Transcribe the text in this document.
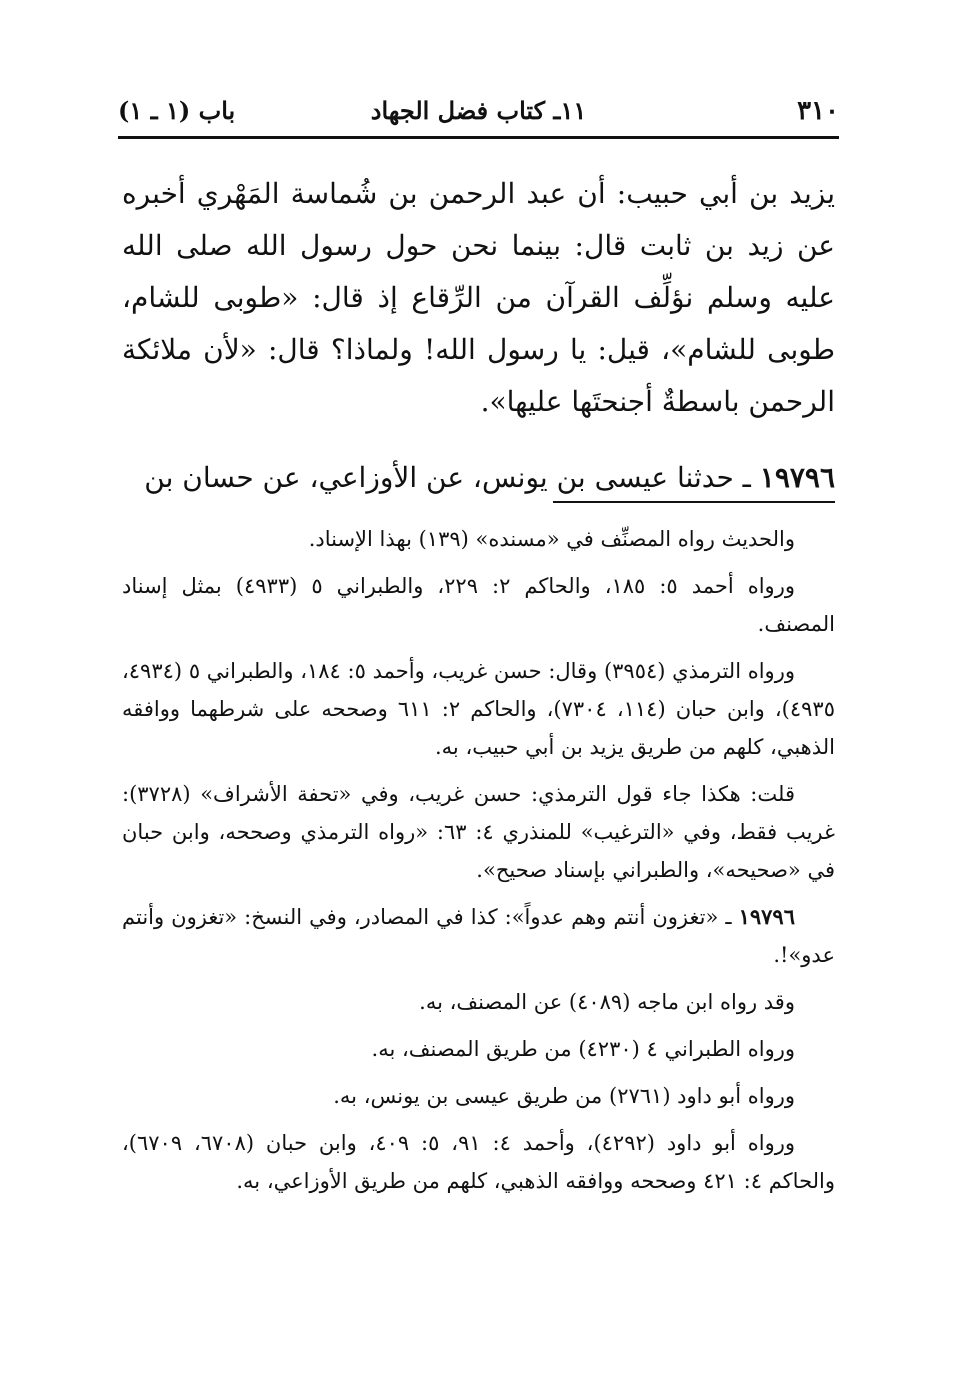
٣١٠
١١ـ كتاب فضل الجهاد
باب (١ ـ ١)

يزيد بن أبي حبيب: أن عبد الرحمن بن شُماسة المَهْري أخبره عن زيد بن ثابت قال: بينما نحن حول رسول الله صلى الله عليه وسلم نؤلِّف القرآن من الرِّقاع إذ قال: «طوبى للشام، طوبى للشام»، قيل: يا رسول الله! ولماذا؟ قال: «لأن ملائكة الرحمن باسطةٌ أجنحتَها عليها».

١٩٧٩٦ ـ حدثنا عيسى بن يونس، عن الأوزاعي، عن حسان بن

والحديث رواه المصنِّف في «مسنده» (١٣٩) بهذا الإسناد.

ورواه أحمد ٥: ١٨٥، والحاكم ٢: ٢٢٩، والطبراني ٥ (٤٩٣٣) بمثل إسناد المصنف.

ورواه الترمذي (٣٩٥٤) وقال: حسن غريب، وأحمد ٥: ١٨٤، والطبراني ٥ (٤٩٣٤، ٤٩٣٥)، وابن حبان (١١٤، ٧٣٠٤)، والحاكم ٢: ٦١١ وصححه على شرطهما ووافقه الذهبي، كلهم من طريق يزيد بن أبي حبيب، به.

قلت: هكذا جاء قول الترمذي: حسن غريب، وفي «تحفة الأشراف» (٣٧٢٨): غريب فقط، وفي «الترغيب» للمنذري ٤: ٦٣: «رواه الترمذي وصححه، وابن حبان في «صحيحه»، والطبراني بإسناد صحيح».

١٩٧٩٦ ـ «تغزون أنتم وهم عدواً»: كذا في المصادر، وفي النسخ: «تغزون وأنتم عدو»!.

وقد رواه ابن ماجه (٤٠٨٩) عن المصنف، به.

ورواه الطبراني ٤ (٤٢٣٠) من طريق المصنف، به.

ورواه أبو داود (٢٧٦١) من طريق عيسى بن يونس، به.

ورواه أبو داود (٤٢٩٢)، وأحمد ٤: ٩١، ٥: ٤٠٩، وابن حبان (٦٧٠٨، ٦٧٠٩)، والحاكم ٤: ٤٢١ وصححه ووافقه الذهبي، كلهم من طريق الأوزاعي، به.
